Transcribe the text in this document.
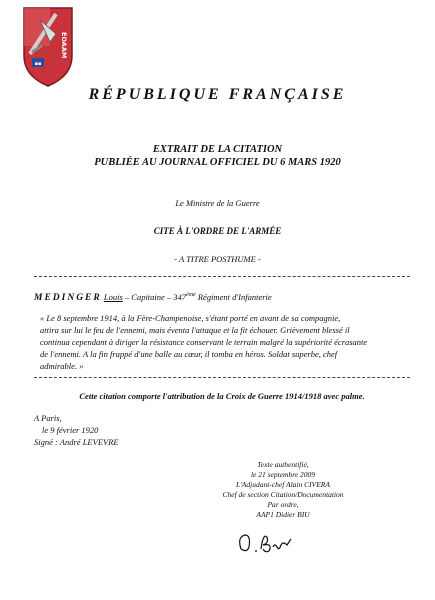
▪▪
EOAAM
RÉPUBLIQUE FRANÇAISE
EXTRAIT DE LA CITATION
PUBLIÉE AU JOURNAL OFFICIEL DU 6 MARS 1920
Le Ministre de la Guerre
CITE À L'ORDRE DE L'ARMÉE
- A TITRE POSTHUME -
MEDINGER Louis – Capitaine – 347ème Régiment d'Infanterie
« Le 8 septembre 1914, à la Fère-Champenoise, s'étant porté en avant de sa compagnie,
attira sur lui le feu de l'ennemi, mais éventa l'attaque et la fit échouer. Grièvement blessé il
continua cependant à diriger la résistance conservant le terrain malgré la supériorité écrasante
de l'ennemi. A la fin frappé d'une balle au cœur, il tomba en héros. Soldat superbe, chef
admirable. »
Cette citation comporte l'attribution de la Croix de Guerre 1914/1918 avec palme.
A Paris,
le 9 février 1920
Signé : André LEVEVRE
Texte authentifié,
le 21 septembre 2009
L'Adjudant-chef Alain CIVERA
Chef de section Citation/Documentation
Par ordre,
AAP1 Didier BIU
